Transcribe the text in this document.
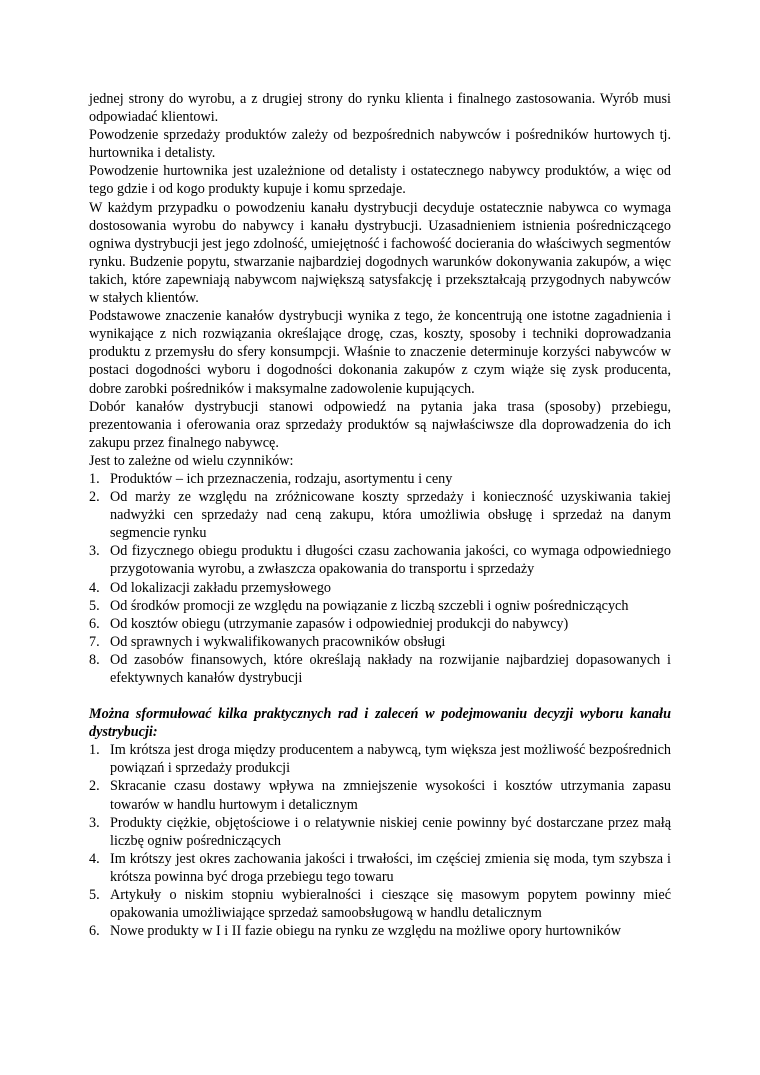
jednej strony do wyrobu, a z drugiej strony do rynku klienta i finalnego zastosowania. Wyrób musi odpowiadać klientowi.

Powodzenie sprzedaży produktów zależy od bezpośrednich nabywców i pośredników hurtowych tj. hurtownika i detalisty.

Powodzenie hurtownika jest uzależnione od detalisty i ostatecznego nabywcy produktów, a więc od tego gdzie i od kogo produkty kupuje i komu sprzedaje.

W każdym przypadku o powodzeniu kanału dystrybucji decyduje ostatecznie nabywca co wymaga dostosowania wyrobu do nabywcy i kanału dystrybucji. Uzasadnieniem istnienia pośredniczącego ogniwa dystrybucji jest jego zdolność, umiejętność i fachowość docierania do właściwych segmentów rynku. Budzenie popytu, stwarzanie najbardziej dogodnych warunków dokonywania zakupów, a więc takich, które zapewniają nabywcom największą satysfakcję i przekształcają przygodnych nabywców w stałych klientów.

Podstawowe znaczenie kanałów dystrybucji wynika z tego, że koncentrują one istotne zagadnienia i wynikające z nich rozwiązania określające drogę, czas, koszty, sposoby i techniki doprowadzania produktu z przemysłu do sfery konsumpcji. Właśnie to znaczenie determinuje korzyści nabywców w postaci dogodności wyboru i dogodności dokonania zakupów z czym wiąże się zysk producenta, dobre zarobki pośredników i maksymalne zadowolenie kupujących.

Dobór kanałów dystrybucji stanowi odpowiedź na pytania jaka trasa (sposoby) przebiegu, prezentowania i oferowania oraz sprzedaży produktów są najwłaściwsze dla doprowadzenia do ich zakupu przez finalnego nabywcę.

Jest to zależne od wielu czynników:

1. Produktów – ich przeznaczenia, rodzaju, asortymentu i ceny
2. Od marży ze względu na zróżnicowane koszty sprzedaży i konieczność uzyskiwania takiej nadwyżki cen sprzedaży nad ceną zakupu, która umożliwia obsługę i sprzedaż na danym segmencie rynku
3. Od fizycznego obiegu produktu i długości czasu zachowania jakości, co wymaga odpowiedniego przygotowania wyrobu, a zwłaszcza opakowania do transportu i sprzedaży
4. Od lokalizacji zakładu przemysłowego
5. Od środków promocji ze względu na powiązanie z liczbą szczebli i ogniw pośredniczących
6. Od kosztów obiegu (utrzymanie zapasów i odpowiedniej produkcji do nabywcy)
7. Od sprawnych i wykwalifikowanych pracowników obsługi
8. Od zasobów finansowych, które określają nakłady na rozwijanie najbardziej dopasowanych i efektywnych kanałów dystrybucji

Można sformułować kilka praktycznych rad i zaleceń w podejmowaniu decyzji wyboru kanału dystrybucji:

1. Im krótsza jest droga między producentem a nabywcą, tym większa jest możliwość bezpośrednich powiązań i sprzedaży produkcji
2. Skracanie czasu dostawy wpływa na zmniejszenie wysokości i kosztów utrzymania zapasu towarów w handlu hurtowym i detalicznym
3. Produkty ciężkie, objętościowe i o relatywnie niskiej cenie powinny być dostarczane przez małą liczbę ogniw pośredniczących
4. Im krótszy jest okres zachowania jakości i trwałości, im częściej zmienia się moda, tym szybsza i krótsza powinna być droga przebiegu tego towaru
5. Artykuły o niskim stopniu wybieralności i cieszące się masowym popytem powinny mieć opakowania umożliwiające sprzedaż samoobsługową w handlu detalicznym
6. Nowe produkty w I i II fazie obiegu na rynku ze względu na możliwe opory hurtowników
